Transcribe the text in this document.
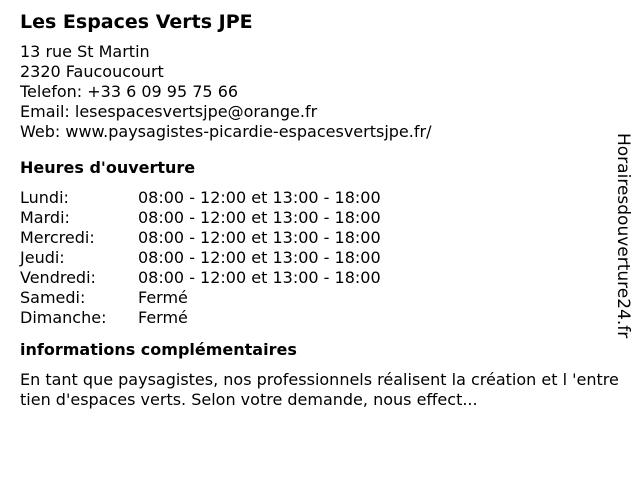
Les Espaces Verts JPE
13 rue St Martin
2320 Faucoucourt
Telefon: +33 6 09 95 75 66
Email: lesespacesvertsjpe@orange.fr
Web: www.paysagistes-picardie-espacesvertsjpe.fr/
Heures d'ouverture
Lundi:	08:00 - 12:00 et 13:00 - 18:00
Mardi:	08:00 - 12:00 et 13:00 - 18:00
Mercredi:	08:00 - 12:00 et 13:00 - 18:00
Jeudi:	08:00 - 12:00 et 13:00 - 18:00
Vendredi:	08:00 - 12:00 et 13:00 - 18:00
Samedi:	Fermé
Dimanche:	Fermé
informations complémentaires
En tant que paysagistes, nos professionnels réalisent la création et l 'entretien d'espaces verts. Selon votre demande, nous effect...
Horairesdouverture24.fr
